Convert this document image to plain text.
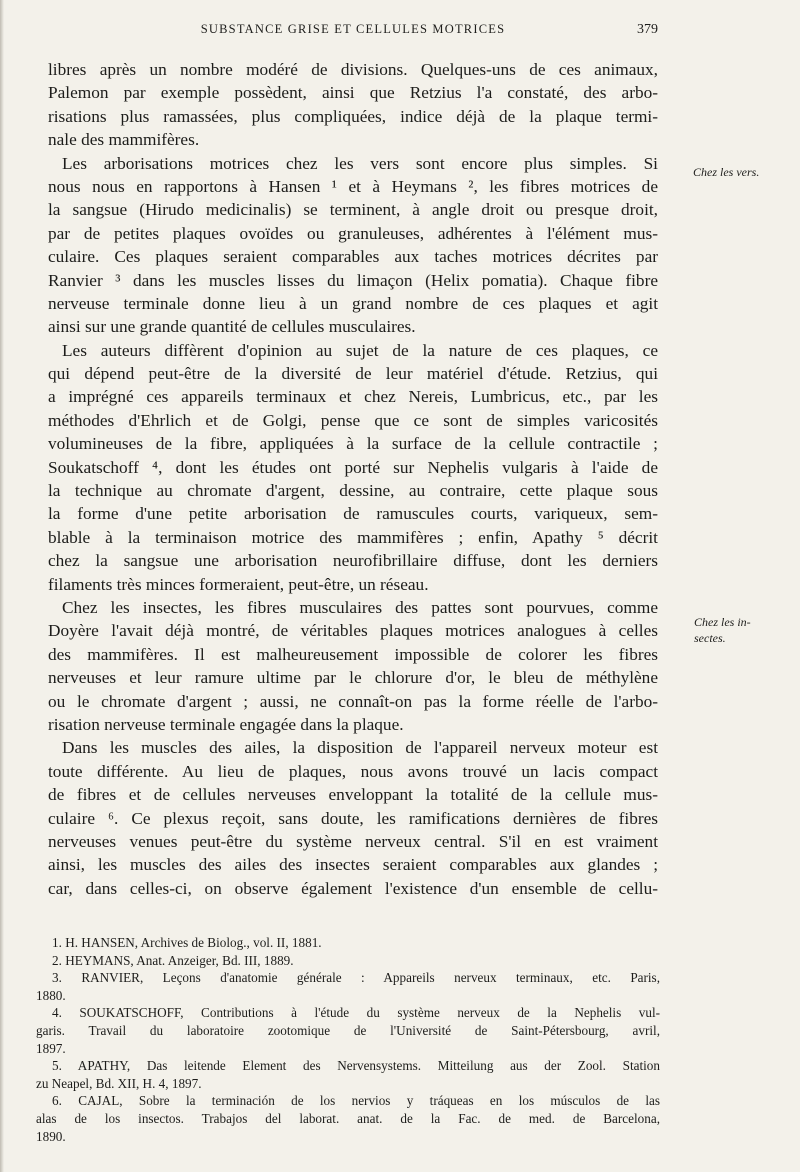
SUBSTANCE GRISE ET CELLULES MOTRICES	379
libres après un nombre modéré de divisions. Quelques-uns de ces animaux,
Palemon par exemple possèdent, ainsi que Retzius l'a constaté, des arbo-
risations plus ramassées, plus compliquées, indice déjà de la plaque termi-
nale des mammifères.
Les arborisations motrices chez les vers sont encore plus simples. Si
nous nous en rapportons à Hansen ¹ et à Heymans ², les fibres motrices de
la sangsue (Hirudo medicinalis) se terminent, à angle droit ou presque droit,
par de petites plaques ovoïdes ou granuleuses, adhérentes à l'élément mus-
culaire. Ces plaques seraient comparables aux taches motrices décrites par
Ranvier ³ dans les muscles lisses du limaçon (Helix pomatia). Chaque fibre
nerveuse terminale donne lieu à un grand nombre de ces plaques et agit
ainsi sur une grande quantité de cellules musculaires.
Les auteurs diffèrent d'opinion au sujet de la nature de ces plaques, ce
qui dépend peut-être de la diversité de leur matériel d'étude. Retzius, qui
a imprégné ces appareils terminaux et chez Nereis, Lumbricus, etc., par les
méthodes d'Ehrlich et de Golgi, pense que ce sont de simples varicosités
volumineuses de la fibre, appliquées à la surface de la cellule contractile ;
Soukatschoff ⁴, dont les études ont porté sur Nephelis vulgaris à l'aide de
la technique au chromate d'argent, dessine, au contraire, cette plaque sous
la forme d'une petite arborisation de ramuscules courts, variqueux, sem-
blable à la terminaison motrice des mammifères ; enfin, Apathy ⁵ décrit
chez la sangsue une arborisation neurofibrillaire diffuse, dont les derniers
filaments très minces formeraient, peut-être, un réseau.
Chez les insectes, les fibres musculaires des pattes sont pourvues, comme
Doyère l'avait déjà montré, de véritables plaques motrices analogues à celles
des mammifères. Il est malheureusement impossible de colorer les fibres
nerveuses et leur ramure ultime par le chlorure d'or, le bleu de méthylène
ou le chromate d'argent ; aussi, ne connaît-on pas la forme réelle de l'arbo-
risation nerveuse terminale engagée dans la plaque.
Dans les muscles des ailes, la disposition de l'appareil nerveux moteur est
toute différente. Au lieu de plaques, nous avons trouvé un lacis compact
de fibres et de cellules nerveuses enveloppant la totalité de la cellule mus-
culaire ⁶. Ce plexus reçoit, sans doute, les ramifications dernières de fibres
nerveuses venues peut-être du système nerveux central. S'il en est vraiment
ainsi, les muscles des ailes des insectes seraient comparables aux glandes ;
car, dans celles-ci, on observe également l'existence d'un ensemble de cellu-
Chez les vers.
Chez les in-
sectes.
1. H. HANSEN, Archives de Biolog., vol. II, 1881.
2. HEYMANS, Anat. Anzeiger, Bd. III, 1889.
3. RANVIER, Leçons d'anatomie générale : Appareils nerveux terminaux, etc. Paris,
1880.
4. SOUKATSCHOFF, Contributions à l'étude du système nerveux de la Nephelis vul-
garis. Travail du laboratoire zootomique de l'Université de Saint-Pétersbourg, avril,
1897.
5. APATHY, Das leitende Element des Nervensystems. Mitteilung aus der Zool. Station
zu Neapel, Bd. XII, H. 4, 1897.
6. CAJAL, Sobre la terminación de los nervios y tráqueas en los músculos de las
alas de los insectos. Trabajos del laborat. anat. de la Fac. de med. de Barcelona,
1890.
